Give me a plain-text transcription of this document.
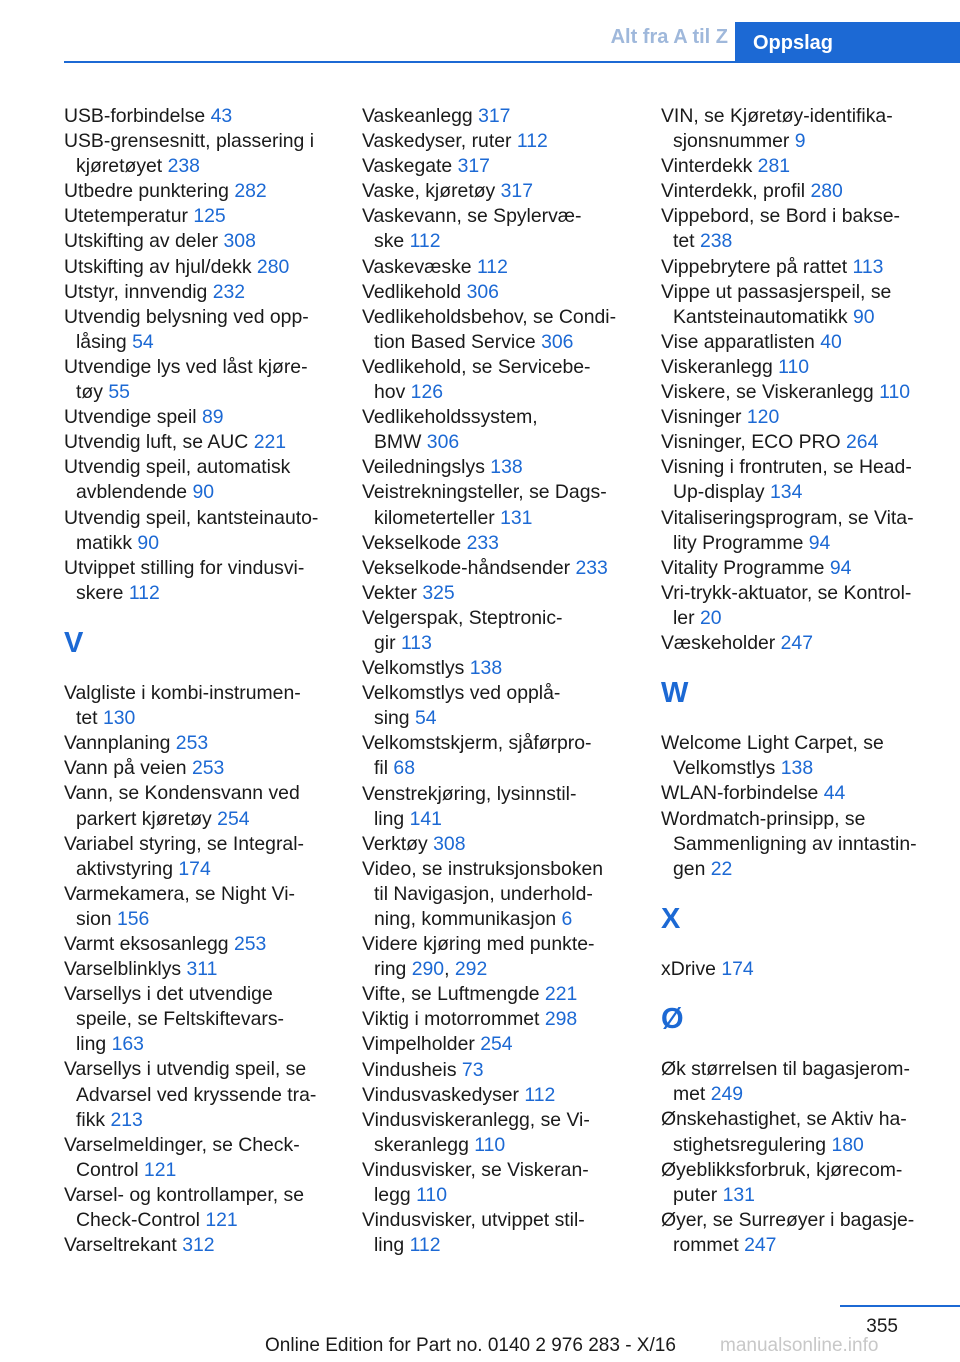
Alt fra A til Z	Oppslag
USB-forbindelse 43
USB-grensesnitt, plassering i
kjøretøyet 238
Utbedre punktering 282
Utetemperatur 125
Utskifting av deler 308
Utskifting av hjul/dekk 280
Utstyr, innvendig 232
Utvendig belysning ved opp-
låsing 54
Utvendige lys ved låst kjøre-
tøy 55
Utvendige speil 89
Utvendig luft, se AUC 221
Utvendig speil, automatisk
avblendende 90
Utvendig speil, kantsteinauto-
matikk 90
Utvippet stilling for vindusvi-
skere 112
V
Valgliste i kombi-instrumen-
tet 130
Vannplaning 253
Vann på veien 253
Vann, se Kondensvann ved
parkert kjøretøy 254
Variabel styring, se Integral-
aktivstyring 174
Varmekamera, se Night Vi-
sion 156
Varmt eksosanlegg 253
Varselblinklys 311
Varsellys i det utvendige
speile, se Feltskiftevars-
ling 163
Varsellys i utvendig speil, se
Advarsel ved kryssende tra-
fikk 213
Varselmeldinger, se Check-
Control 121
Varsel- og kontrollamper, se
Check-Control 121
Varseltrekant 312
Vaskeanlegg 317
Vaskedyser, ruter 112
Vaskegate 317
Vaske, kjøretøy 317
Vaskevann, se Spylervæ-
ske 112
Vaskevæske 112
Vedlikehold 306
Vedlikeholdsbehov, se Condi-
tion Based Service 306
Vedlikehold, se Servicebe-
hov 126
Vedlikeholdssystem,
BMW 306
Veiledningslys 138
Veistrekningsteller, se Dags-
kilometerteller 131
Vekselkode 233
Vekselkode-håndsender 233
Vekter 325
Velgerspak, Steptronic-
gir 113
Velkomstlys 138
Velkomstlys ved opplå-
sing 54
Velkomstskjerm, sjåførpro-
fil 68
Venstrekjøring, lysinnstil-
ling 141
Verktøy 308
Video, se instruksjonsboken
til Navigasjon, underhold-
ning, kommunikasjon 6
Videre kjøring med punkte-
ring 290, 292
Vifte, se Luftmengde 221
Viktig i motorrommet 298
Vimpelholder 254
Vindusheis 73
Vindusvaskedyser 112
Vindusviskeranlegg, se Vi-
skeranlegg 110
Vindusvisker, se Viskeran-
legg 110
Vindusvisker, utvippet stil-
ling 112
VIN, se Kjøretøy-identifika-
sjonsnummer 9
Vinterdekk 281
Vinterdekk, profil 280
Vippebord, se Bord i bakse-
tet 238
Vippebrytere på rattet 113
Vippe ut passasjerspeil, se
Kantsteinautomatikk 90
Vise apparatlisten 40
Viskeranlegg 110
Viskere, se Viskeranlegg 110
Visninger 120
Visninger, ECO PRO 264
Visning i frontruten, se Head-
Up-display 134
Vitaliseringsprogram, se Vita-
lity Programme 94
Vitality Programme 94
Vri-trykk-aktuator, se Kontrol-
ler 20
Væskeholder 247
W
Welcome Light Carpet, se
Velkomstlys 138
WLAN-forbindelse 44
Wordmatch-prinsipp, se
Sammenligning av inntastin-
gen 22
X
xDrive 174
Ø
Øk størrelsen til bagasjerom-
met 249
Ønskehastighet, se Aktiv ha-
stighetsregulering 180
Øyeblikksforbruk, kjørecom-
puter 131
Øyer, se Surreøyer i bagasje-
rommet 247
355
Online Edition for Part no. 0140 2 976 283 - X/16 manualsonline.info
